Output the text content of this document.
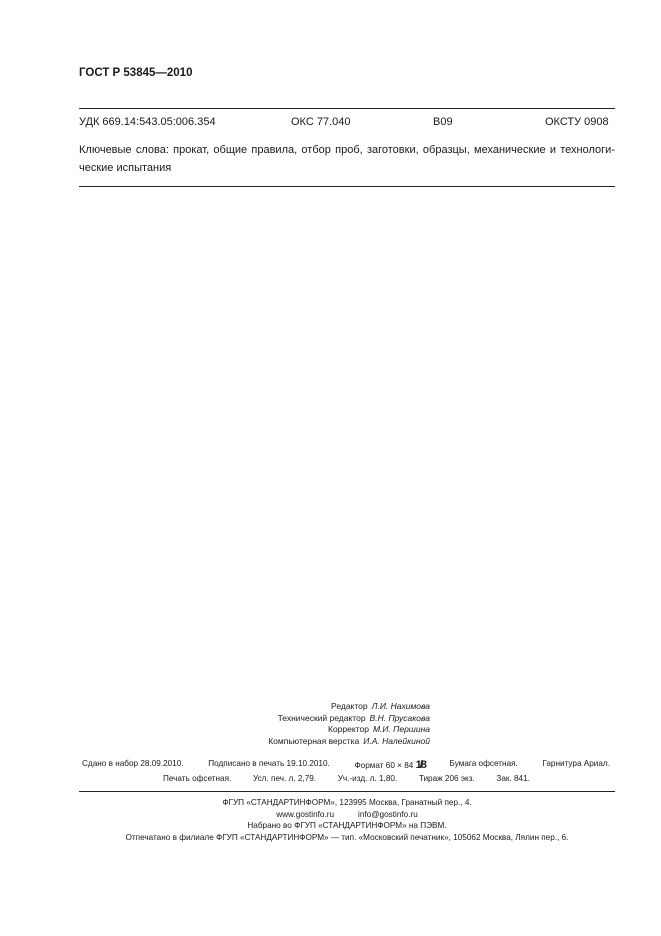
ГОСТ Р 53845—2010
УДК 669.14:543.05:006.354	ОКС 77.040	В09	ОКСТУ 0908
Ключевые слова: прокат, общие правила, отбор проб, заготовки, образцы, механические и технологи-ческие испытания
Редактор Л.И. Нахимова
Технический редактор В.Н. Прусакова
Корректор М.И. Першина
Компьютерная верстка И.А. Налейкиной
Сдано в набор 28.09.2010.	Подписано в печать 19.10.2010.	Формат 60 × 84 1/8	Бумага офсетная.	Гарнитура Ариал.
Печать офсетная.	Усл. печ. л. 2,79.	Уч.-изд. л. 1,80.	Тираж 206 экз.	Зак. 841.
ФГУП «СТАНДАРТИНФОРМ», 123995 Москва, Гранатный пер., 4.
www.gostinfo.ru	info@gostinfo.ru
Набрано во ФГУП «СТАНДАРТИНФОРМ» на ПЭВМ.
Отпечатано в филиале ФГУП «СТАНДАРТИНФОРМ» — тип. «Московский печатник», 105062 Москва, Лялин пер., 6.
